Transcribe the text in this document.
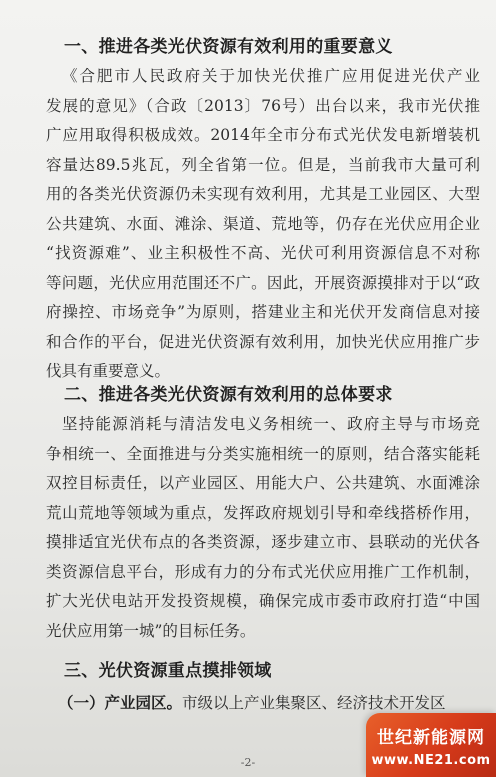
一、推进各类光伏资源有效利用的重要意义
《合肥市人民政府关于加快光伏推广应用促进光伏产业
发展的意见》（合政〔2013〕76号）出台以来，我市光伏推
广应用取得积极成效。2014年全市分布式光伏发电新增装机
容量达89.5兆瓦，列全省第一位。但是，当前我市大量可利
用的各类光伏资源仍未实现有效利用，尤其是工业园区、大型
公共建筑、水面、滩涂、渠道、荒地等，仍存在光伏应用企业
“找资源难”、业主积极性不高、光伏可利用资源信息不对称
等问题，光伏应用范围还不广。因此，开展资源摸排对于以“政
府操控、市场竞争”为原则，搭建业主和光伏开发商信息对接
和合作的平台，促进光伏资源有效利用，加快光伏应用推广步
伐具有重要意义。
二、推进各类光伏资源有效利用的总体要求
坚持能源消耗与清洁发电义务相统一、政府主导与市场竞
争相统一、全面推进与分类实施相统一的原则，结合落实能耗
双控目标责任，以产业园区、用能大户、公共建筑、水面滩涂
荒山荒地等领域为重点，发挥政府规划引导和牵线搭桥作用，
摸排适宜光伏布点的各类资源，逐步建立市、县联动的光伏各
类资源信息平台，形成有力的分布式光伏应用推广工作机制，
扩大光伏电站开发投资规模，确保完成市委市政府打造“中国
光伏应用第一城”的目标任务。
三、光伏资源重点摸排领域
（一）产业园区。市级以上产业集聚区、经济技术开发区
-2-
世纪新能源网
www.NE21.com
